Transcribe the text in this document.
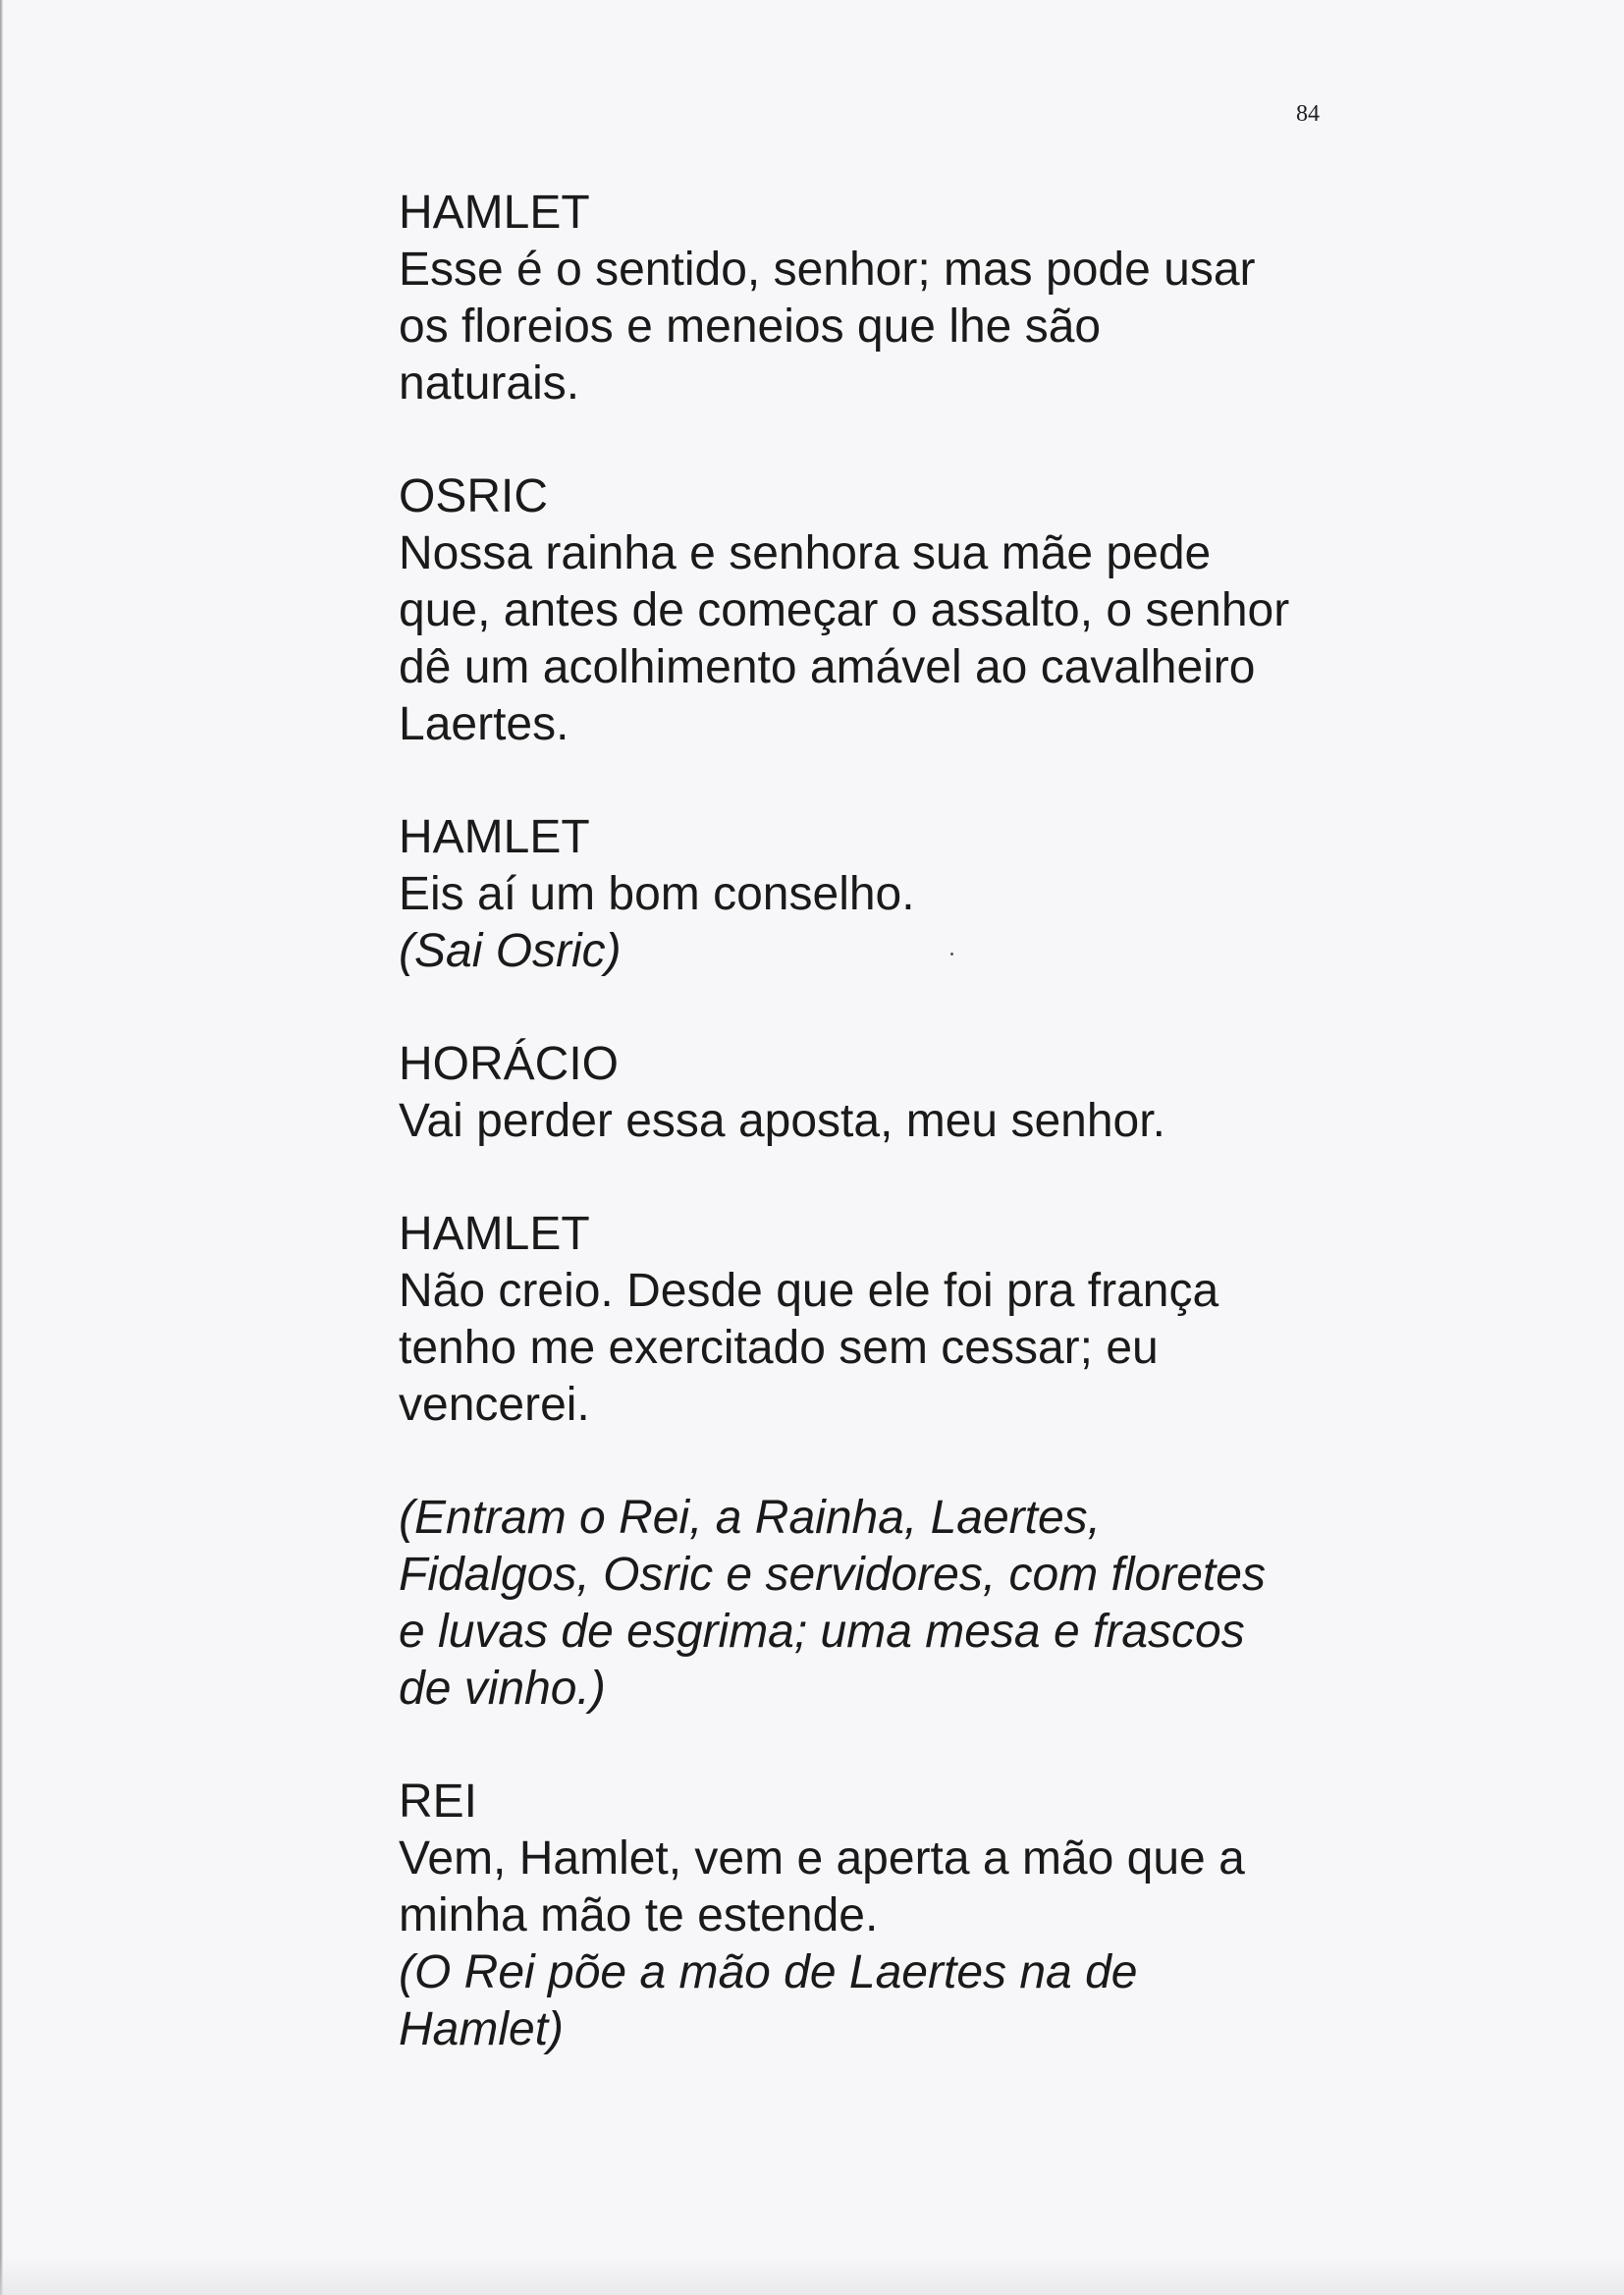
84
HAMLET
Esse é o sentido, senhor; mas pode usar
os floreios e meneios que lhe são
naturais.
OSRIC
Nossa rainha e senhora sua mãe pede
que, antes de começar o assalto, o senhor
dê um acolhimento amável ao cavalheiro
Laertes.
HAMLET
Eis aí um bom conselho.
(Sai Osric)
HORÁCIO
Vai perder essa aposta, meu senhor.
HAMLET
Não creio. Desde que ele foi pra frança
tenho me exercitado sem cessar; eu
vencerei.
(Entram o Rei, a Rainha, Laertes,
Fidalgos, Osric e servidores, com floretes
e luvas de esgrima; uma mesa e frascos
de vinho.)
REI
Vem, Hamlet, vem e aperta a mão que a
minha mão te estende.
(O Rei põe a mão de Laertes na de
Hamlet)
